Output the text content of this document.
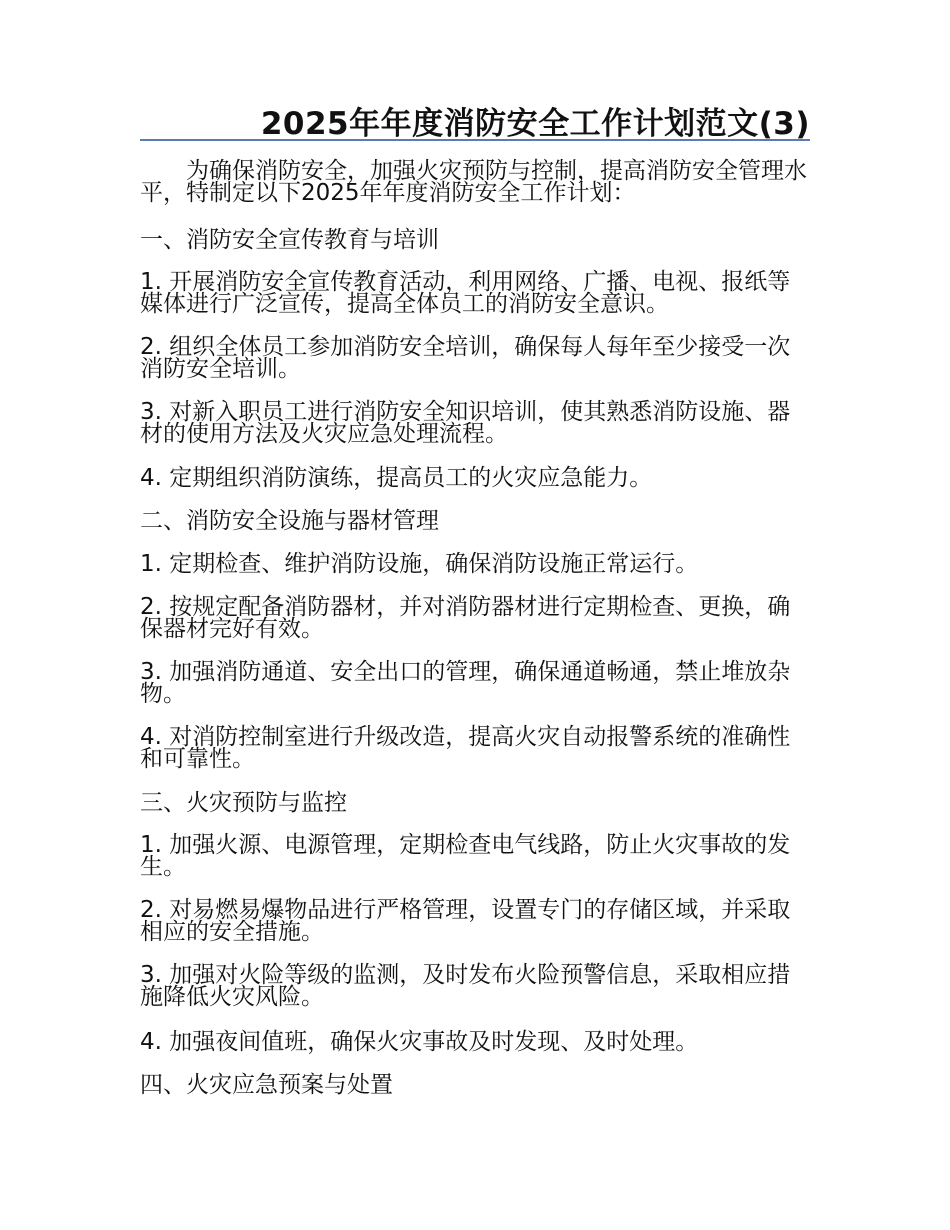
2025年年度消防安全工作计划范文(3)

为确保消防安全，加强火灾预防与控制，提高消防安全管理水平，特制定以下2025年年度消防安全工作计划：

一、消防安全宣传教育与培训

1. 开展消防安全宣传教育活动，利用网络、广播、电视、报纸等媒体进行广泛宣传，提高全体员工的消防安全意识。

2. 组织全体员工参加消防安全培训，确保每人每年至少接受一次消防安全培训。

3. 对新入职员工进行消防安全知识培训，使其熟悉消防设施、器材的使用方法及火灾应急处理流程。

4. 定期组织消防演练，提高员工的火灾应急能力。

二、消防安全设施与器材管理

1. 定期检查、维护消防设施，确保消防设施正常运行。

2. 按规定配备消防器材，并对消防器材进行定期检查、更换，确保器材完好有效。

3. 加强消防通道、安全出口的管理，确保通道畅通，禁止堆放杂物。

4. 对消防控制室进行升级改造，提高火灾自动报警系统的准确性和可靠性。

三、火灾预防与监控

1. 加强火源、电源管理，定期检查电气线路，防止火灾事故的发生。

2. 对易燃易爆物品进行严格管理，设置专门的存储区域，并采取相应的安全措施。

3. 加强对火险等级的监测，及时发布火险预警信息，采取相应措施降低火灾风险。

4. 加强夜间值班，确保火灾事故及时发现、及时处理。

四、火灾应急预案与处置
